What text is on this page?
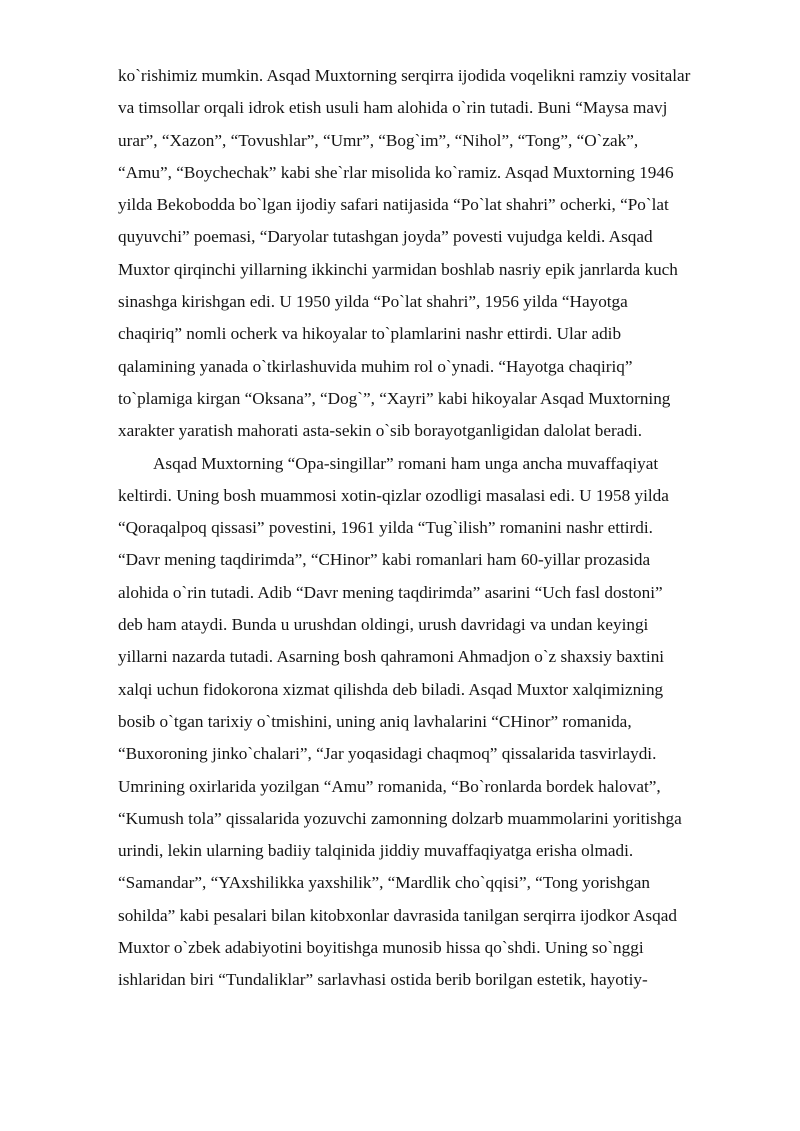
ko`rishimiz mumkin. Asqad Muxtorning serqirra ijodida voqelikni ramziy vositalar
va timsollar orqali idrok etish usuli ham alohida o`rin tutadi. Buni “Maysa mavj
urar”, “Xazon”, “Tovushlar”, “Umr”, “Bog`im”, “Nihol”, “Tong”, “O`zak”,
“Amu”, “Boychechak” kabi she`rlar misolida ko`ramiz. Asqad Muxtorning 1946
yilda Bekobodda bo`lgan ijodiy safari natijasida “Po`lat shahri” ocherki, “Po`lat
quyuvchi” poemasi, “Daryolar tutashgan joyda” povesti vujudga keldi. Asqad
Muxtor qirqinchi yillarning ikkinchi yarmidan boshlab nasriy epik janrlarda kuch
sinashga kirishgan edi. U 1950 yilda “Po`lat shahri”, 1956 yilda “Hayotga
chaqiriq” nomli ocherk va hikoyalar to`plamlarini nashr ettirdi. Ular adib
qalamining yanada o`tkirlashuvida muhim rol o`ynadi. “Hayotga chaqiriq”
to`plamiga kirgan “Oksana”, “Dog`”, “Xayri” kabi hikoyalar Asqad Muxtorning
xarakter yaratish mahorati asta-sekin o`sib borayotganligidan dalolat beradi.
Asqad Muxtorning “Opa-singillar” romani ham unga ancha muvaffaqiyat
keltirdi. Uning bosh muammosi xotin-qizlar ozodligi masalasi edi. U 1958 yilda
“Qoraqalpoq qissasi” povestini, 1961 yilda “Tug`ilish” romanini nashr ettirdi.
“Davr mening taqdirimda”, “CHinor” kabi romanlari ham 60-yillar prozasida
alohida o`rin tutadi. Adib “Davr mening taqdirimda” asarini “Uch fasl dostoni”
deb ham ataydi. Bunda u urushdan oldingi, urush davridagi va undan keyingi
yillarni nazarda tutadi. Asarning bosh qahramoni Ahmadjon o`z shaxsiy baxtini
xalqi uchun fidokorona xizmat qilishda deb biladi. Asqad Muxtor xalqimizning
bosib o`tgan tarixiy o`tmishini, uning aniq lavhalarini “CHinor” romanida,
“Buxoroning jinko`chalari”, “Jar yoqasidagi chaqmoq” qissalarida tasvirlaydi.
Umrining oxirlarida yozilgan “Amu” romanida, “Bo`ronlarda bordek halovat”,
“Kumush tola” qissalarida yozuvchi zamonning dolzarb muammolarini yoritishga
urindi, lekin ularning badiiy talqinida jiddiy muvaffaqiyatga erisha olmadi.
“Samandar”, “YAxshilikka yaxshilik”, “Mardlik cho`qqisi”, “Tong yorishgan
sohilda” kabi pesalari bilan kitobxonlar davrasida tanilgan serqirra ijodkor Asqad
Muxtor o`zbek adabiyotini boyitishga munosib hissa qo`shdi. Uning so`nggi
ishlaridan biri “Tundaliklar” sarlavhasi ostida berib borilgan estetik, hayotiy-
